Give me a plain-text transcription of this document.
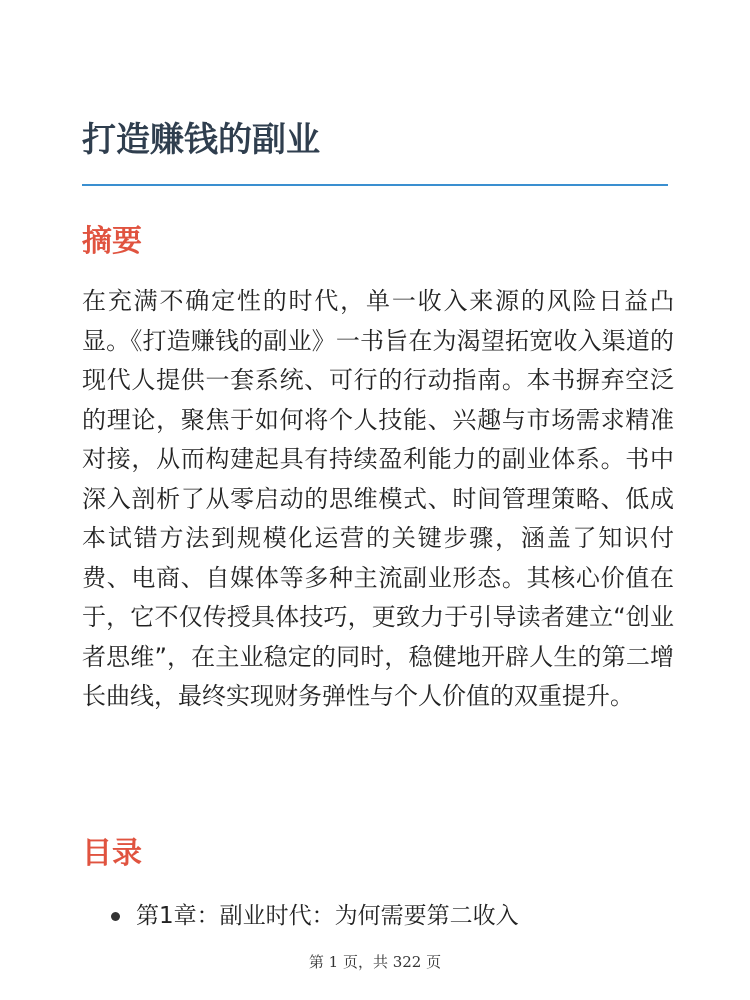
打造赚钱的副业
摘要

在充满不确定性的时代，单一收入来源的风险日益凸显。《打造赚钱的副业》一书旨在为渴望拓宽收入渠道的现代人提供一套系统、可行的行动指南。本书摒弃空泛的理论，聚焦于如何将个人技能、兴趣与市场需求精准对接，从而构建起具有持续盈利能力的副业体系。书中深入剖析了从零启动的思维模式、时间管理策略、低成本试错方法到规模化运营的关键步骤，涵盖了知识付费、电商、自媒体等多种主流副业形态。其核心价值在于，它不仅传授具体技巧，更致力于引导读者建立“创业者思维”，在主业稳定的同时，稳健地开辟人生的第二增长曲线，最终实现财务弹性与个人价值的双重提升。

目录
第1章：副业时代：为何需要第二收入
第 1 页，共 322 页
